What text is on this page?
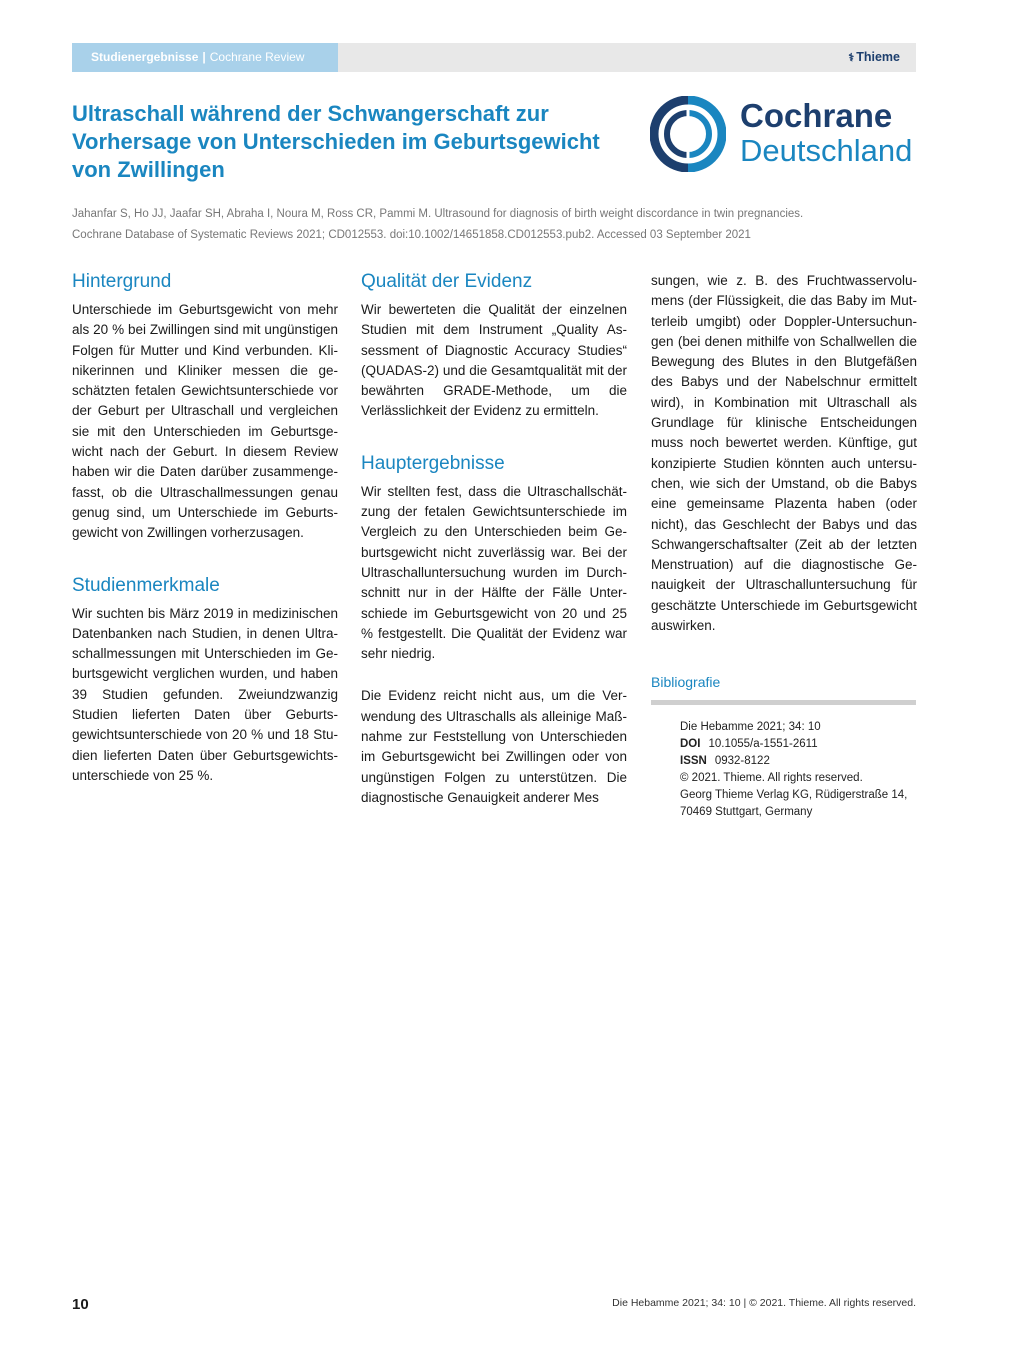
Studienergebnisse | Cochrane Review	⚕ Thieme
Ultraschall während der Schwangerschaft zur Vorhersage von Unterschieden im Geburtsgewicht von Zwillingen
Cochrane
Deutschland
Jahanfar S, Ho JJ, Jaafar SH, Abraha I, Noura M, Ross CR, Pammi M. Ultrasound for diagnosis of birth weight discordance in twin pregnancies.
Cochrane Database of Systematic Reviews 2021; CD012553. doi:10.1002/14651858.CD012553.pub2. Accessed 03 September 2021
Hintergrund

Unterschiede im Geburtsgewicht von mehr als 20 % bei Zwillingen sind mit ungünstigen Folgen für Mutter und Kind verbunden. Klinikerinnen und Kliniker messen die geschätzten fetalen Gewichtsunterschiede vor der Geburt per Ultraschall und vergleichen sie mit den Unterschieden im Geburtsgewicht nach der Geburt. In diesem Review haben wir die Daten darüber zusammengefasst, ob die Ultraschallmessungen genau genug sind, um Unterschiede im Geburtsgewicht von Zwillingen vorherzusagen.

Studienmerkmale

Wir suchten bis März 2019 in medizinischen Datenbanken nach Studien, in denen Ultraschallmessungen mit Unterschieden im Geburtsgewicht verglichen wurden, und haben 39 Studien gefunden. Zweiundzwanzig Studien lieferten Daten über Geburtsgewichtsunterschiede von 20 % und 18 Studien lieferten Daten über Geburtsgewichtsunterschiede von 25 %.

Qualität der Evidenz

Wir bewerteten die Qualität der einzelnen Studien mit dem Instrument „Quality Assessment of Diagnostic Accuracy Studies“ (QUADAS-2) und die Gesamtqualität mit der bewährten GRADE-Methode, um die Verlässlichkeit der Evidenz zu ermitteln.

Hauptergebnisse

Wir stellten fest, dass die Ultraschallschätzung der fetalen Gewichtsunterschiede im Vergleich zu den Unterschieden beim Geburtsgewicht nicht zuverlässig war. Bei der Ultraschalluntersuchung wurden im Durchschnitt nur in der Hälfte der Fälle Unterschiede im Geburtsgewicht von 20 und 25 % festgestellt. Die Qualität der Evidenz war sehr niedrig.

Die Evidenz reicht nicht aus, um die Verwendung des Ultraschalls als alleinige Maßnahme zur Feststellung von Unterschieden im Geburtsgewicht bei Zwillingen oder von ungünstigen Folgen zu unterstützen. Die diagnostische Genauigkeit anderer Mes

sungen, wie z. B. des Fruchtwasservolumens (der Flüssigkeit, die das Baby im Mutterleib umgibt) oder Doppler-Untersuchungen (bei denen mithilfe von Schallwellen die Bewegung des Blutes in den Blutgefäßen des Babys und der Nabelschnur ermittelt wird), in Kombination mit Ultraschall als Grundlage für klinische Entscheidungen muss noch bewertet werden. Künftige, gut konzipierte Studien könnten auch untersuchen, wie sich der Umstand, ob die Babys eine gemeinsame Plazenta haben (oder nicht), das Geschlecht der Babys und das Schwangerschaftsalter (Zeit ab der letzten Menstruation) auf die diagnostische Genauigkeit der Ultraschalluntersuchung für geschätzte Unterschiede im Geburtsgewicht auswirken.

Bibliografie
Die Hebamme 2021; 34: 10
DOI 10.1055/a-1551-2611
ISSN 0932-8122
© 2021. Thieme. All rights reserved.
Georg Thieme Verlag KG, Rüdigerstraße 14,
70469 Stuttgart, Germany
10	Die Hebamme 2021; 34: 10 | © 2021. Thieme. All rights reserved.
